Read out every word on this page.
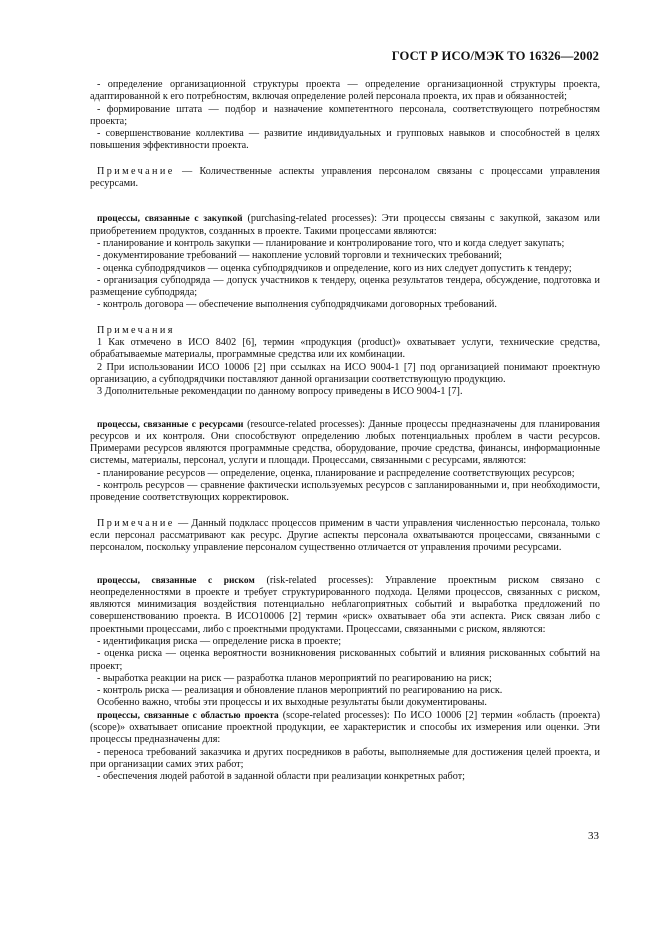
ГОСТ Р ИСО/МЭК ТО 16326—2002

- определение организационной структуры проекта — определение организационной структуры проекта, адаптированной к его потребностям, включая определение ролей персонала проекта, их прав и обязанностей;

- формирование штата — подбор и назначение компетентного персонала, соответствующего потребностям проекта;

- совершенствование коллектива — развитие индивидуальных и групповых навыков и способностей в целях повышения эффективности проекта.

Примечание — Количественные аспекты управления персоналом связаны с процессами управления ресурсами.

процессы, связанные с закупкой (purchasing-related processes): Эти процессы связаны с закупкой, заказом или приобретением продуктов, созданных в проекте. Такими процессами являются:

- планирование и контроль закупки — планирование и контролирование того, что и когда следует закупать;

- документирование требований — накопление условий торговли и технических требований;

- оценка субподрядчиков — оценка субподрядчиков и определение, кого из них следует допустить к тендеру;

- организация субподряда — допуск участников к тендеру, оценка результатов тендера, обсуждение, подготовка и размещение субподряда;

- контроль договора — обеспечение выполнения субподрядчиками договорных требований.

Примечания

1 Как отмечено в ИСО 8402 [6], термин «продукция (product)» охватывает услуги, технические средства, обрабатываемые материалы, программные средства или их комбинации.

2 При использовании ИСО 10006 [2] при ссылках на ИСО 9004-1 [7] под организацией понимают проектную организацию, а субподрядчики поставляют данной организации соответствующую продукцию.

3 Дополнительные рекомендации по данному вопросу приведены в ИСО 9004-1 [7].

процессы, связанные с ресурсами (resource-related processes): Данные процессы предназначены для планирования ресурсов и их контроля. Они способствуют определению любых потенциальных проблем в части ресурсов. Примерами ресурсов являются программные средства, оборудование, прочие средства, финансы, информационные системы, материалы, персонал, услуги и площади. Процессами, связанными с ресурсами, являются:

- планирование ресурсов — определение, оценка, планирование и распределение соответствующих ресурсов;

- контроль ресурсов — сравнение фактически используемых ресурсов с запланированными и, при необходимости, проведение соответствующих корректировок.

Примечание — Данный подкласс процессов применим в части управления численностью персонала, только если персонал рассматривают как ресурс. Другие аспекты персонала охватываются процессами, связанными с персоналом, поскольку управление персоналом существенно отличается от управления прочими ресурсами.

процессы, связанные с риском (risk-related processes): Управление проектным риском связано с неопределенностями в проекте и требует структурированного подхода. Целями процессов, связанных с риском, являются минимизация воздействия потенциально неблагоприятных событий и выработка предложений по совершенствованию проекта. В ИСО10006 [2] термин «риск» охватывает оба эти аспекта. Риск связан либо с проектными процессами, либо с проектными продуктами. Процессами, связанными с риском, являются:

- идентификация риска — определение риска в проекте;

- оценка риска — оценка вероятности возникновения рискованных событий и влияния рискованных событий на проект;

- выработка реакции на риск — разработка планов мероприятий по реагированию на риск;

- контроль риска — реализация и обновление планов мероприятий по реагированию на риск.

Особенно важно, чтобы эти процессы и их выходные результаты были документированы.

процессы, связанные с областью проекта (scope-related processes): По ИСО 10006 [2] термин «область (проекта) (scope)» охватывает описание проектной продукции, ее характеристик и способы их измерения или оценки. Эти процессы предназначены для:

- переноса требований заказчика и других посредников в работы, выполняемые для достижения целей проекта, и при организации самих этих работ;

- обеспечения людей работой в заданной области при реализации конкретных работ;

33
